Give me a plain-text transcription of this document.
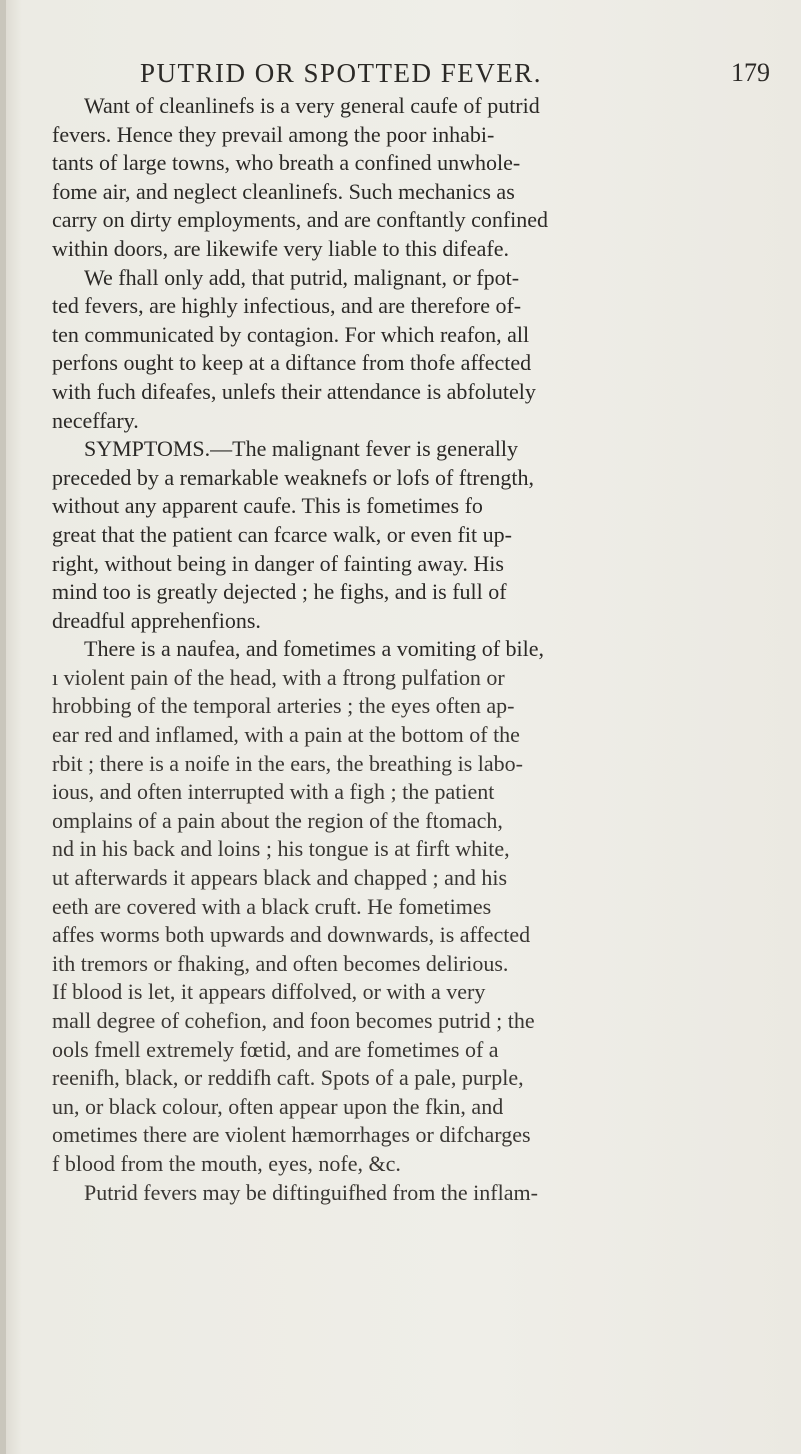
PUTRID OR SPOTTED FEVER.	179
Want of cleanlinefs is a very general caufe of putrid
fevers. Hence they prevail among the poor inhabi-
tants of large towns, who breath a confined unwhole-
fome air, and neglect cleanlinefs. Such mechanics as
carry on dirty employments, and are conftantly confined
within doors, are likewife very liable to this difeafe.
We fhall only add, that putrid, malignant, or fpot-
ted fevers, are highly infectious, and are therefore of-
ten communicated by contagion. For which reafon, all
perfons ought to keep at a diftance from thofe affected
with fuch difeafes, unlefs their attendance is abfolutely
neceffary.
SYMPTOMS.—The malignant fever is generally
preceded by a remarkable weaknefs or lofs of ftrength,
without any apparent caufe. This is fometimes fo
great that the patient can fcarce walk, or even fit up-
right, without being in danger of fainting away. His
mind too is greatly dejected ; he fighs, and is full of
dreadful apprehenfions.
There is a naufea, and fometimes a vomiting of bile,
ı violent pain of the head, with a ftrong pulfation or
hrobbing of the temporal arteries ; the eyes often ap-
ear red and inflamed, with a pain at the bottom of the
rbit ; there is a noife in the ears, the breathing is labo-
ious, and often interrupted with a figh ; the patient
omplains of a pain about the region of the ftomach,
nd in his back and loins ; his tongue is at firft white,
ut afterwards it appears black and chapped ; and his
eeth are covered with a black cruft. He fometimes
affes worms both upwards and downwards, is affected
ith tremors or fhaking, and often becomes delirious.
If blood is let, it appears diffolved, or with a very
mall degree of cohefion, and foon becomes putrid ; the
ools fmell extremely fœtid, and are fometimes of a
reenifh, black, or reddifh caft. Spots of a pale, purple,
un, or black colour, often appear upon the fkin, and
ometimes there are violent hæmorrhages or difcharges
f blood from the mouth, eyes, nofe, &c.
Putrid fevers may be diftinguifhed from the inflam-
